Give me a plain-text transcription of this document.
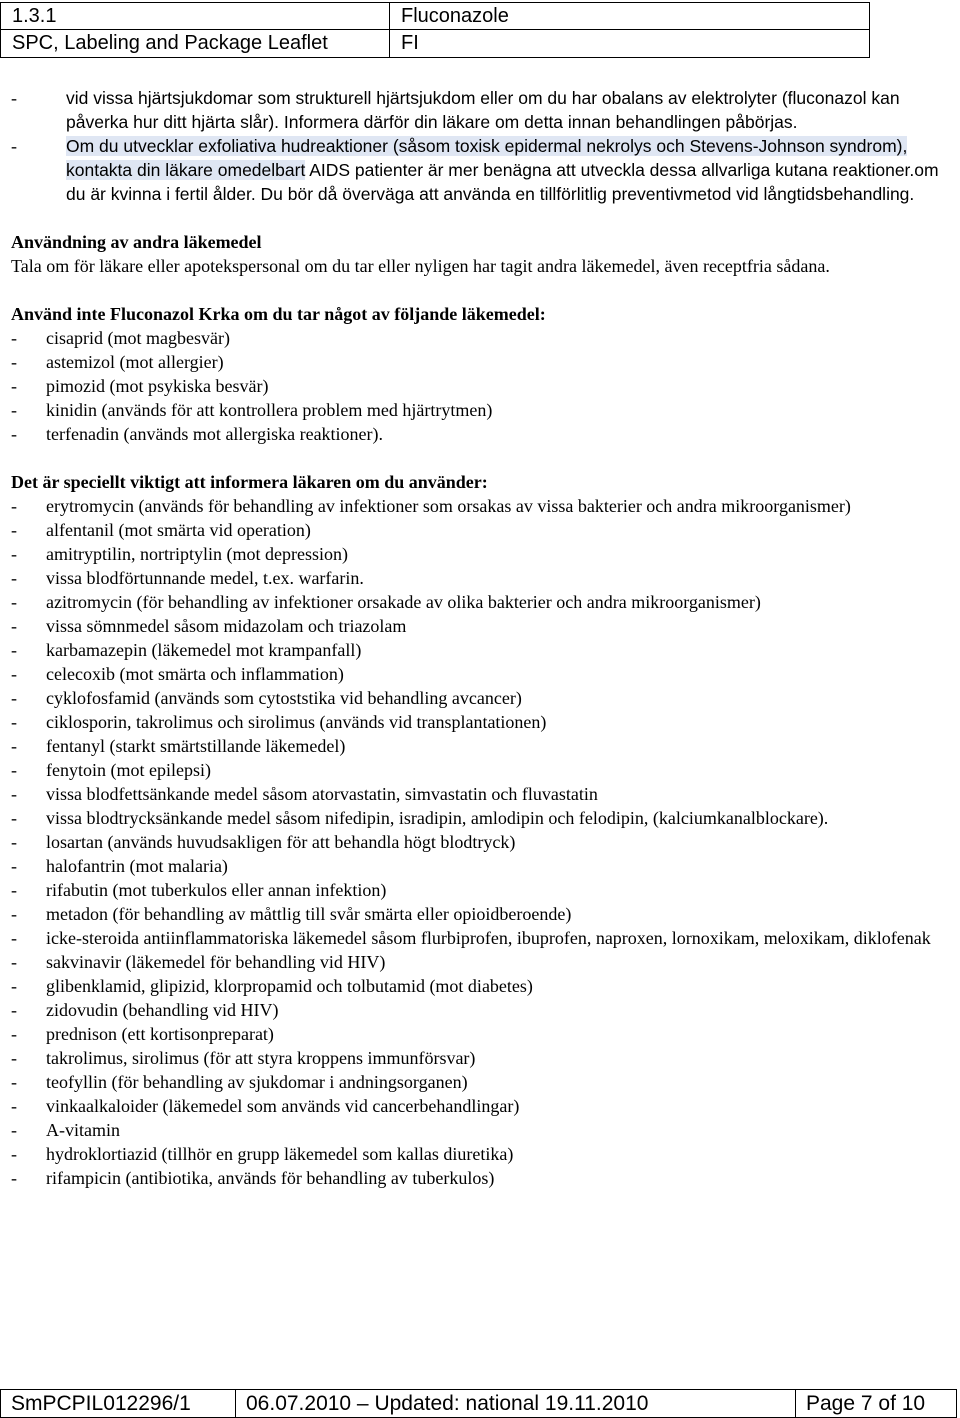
1.3.1	Fluconazole
SPC, Labeling and Package Leaflet	FI
-	vid vissa hjärtsjukdomar som strukturell hjärtsjukdom eller om du har obalans av elektrolyter (fluconazol kan påverka hur ditt hjärta slår). Informera därför din läkare om detta innan behandlingen påbörjas.
-	Om du utvecklar exfoliativa hudreaktioner (såsom toxisk epidermal nekrolys och Stevens-Johnson syndrom), kontakta din läkare omedelbart AIDS patienter är mer benägna att utveckla dessa allvarliga kutana reaktioner.om du är kvinna i fertil ålder. Du bör då överväga att använda en tillförlitlig preventivmetod vid långtidsbehandling.
Användning av andra läkemedel

Tala om för läkare eller apotekspersonal om du tar eller nyligen har tagit andra läkemedel, även receptfria sådana.

Använd inte Fluconazol Krka om du tar något av följande läkemedel:
-	cisaprid (mot magbesvär)
-	astemizol (mot allergier)
-	pimozid (mot psykiska besvär)
-	kinidin (används för att kontrollera problem med hjärtrytmen)
-	terfenadin (används mot allergiska reaktioner).
Det är speciellt viktigt att informera läkaren om du använder:
-	erytromycin (används för behandling av infektioner som orsakas av vissa bakterier och andra mikroorganismer)
-	alfentanil (mot smärta vid operation)
-	amitryptilin, nortriptylin (mot depression)
-	vissa blodförtunnande medel, t.ex. warfarin.
-	azitromycin (för behandling av infektioner orsakade av olika bakterier och andra mikroorganismer)
-	vissa sömnmedel såsom midazolam och triazolam
-	karbamazepin (läkemedel mot krampanfall)
-	celecoxib (mot smärta och inflammation)
-	cyklofosfamid (används som cytoststika vid behandling avcancer)
-	ciklosporin, takrolimus och sirolimus (används vid transplantationen)
-	fentanyl (starkt smärtstillande läkemedel)
-	fenytoin (mot epilepsi)
-	vissa blodfettsänkande medel såsom atorvastatin, simvastatin och fluvastatin
-	vissa blodtrycksänkande medel såsom nifedipin, isradipin, amlodipin och felodipin, (kalciumkanalblockare).
-	losartan (används huvudsakligen för att behandla högt blodtryck)
-	halofantrin (mot malaria)
-	rifabutin (mot tuberkulos eller annan infektion)
-	metadon (för behandling av måttlig till svår smärta eller opioidberoende)
-	icke-steroida antiinflammatoriska läkemedel såsom flurbiprofen, ibuprofen, naproxen, lornoxikam, meloxikam, diklofenak
-	sakvinavir (läkemedel för behandling vid HIV)
-	glibenklamid, glipizid, klorpropamid och tolbutamid (mot diabetes)
-	zidovudin (behandling vid HIV)
-	prednison (ett kortisonpreparat)
-	takrolimus, sirolimus (för att styra kroppens immunförsvar)
-	teofyllin (för behandling av sjukdomar i andningsorganen)
-	vinkaalkaloider (läkemedel som används vid cancerbehandlingar)
-	A-vitamin
-	hydroklortiazid (tillhör en grupp läkemedel som kallas diuretika)
-	rifampicin (antibiotika, används för behandling av tuberkulos)
SmPCPIL012296/1	06.07.2010 – Updated: national 19.11.2010	Page 7 of 10
